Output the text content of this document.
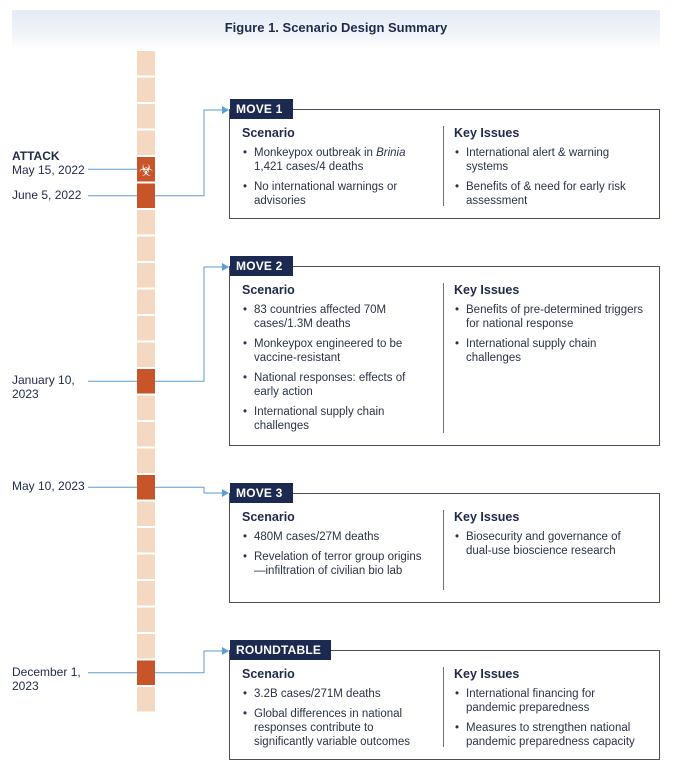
Figure 1. Scenario Design Summary
☣
ATTACK
May 15, 2022
June 5, 2022
January 10, 2023
May 10, 2023
December 1, 2023
MOVE 1
Scenario
• Monkeypox outbreak in Brinia 1,421 cases/4 deaths
• No international warnings or advisories
Key Issues
• International alert & warning systems
• Benefits of & need for early risk assessment
MOVE 2
Scenario
• 83 countries affected 70M cases/1.3M deaths
• Monkeypox engineered to be vaccine-resistant
• National responses: effects of early action
• International supply chain challenges
Key Issues
• Benefits of pre-determined triggers for national response
• International supply chain challenges
MOVE 3
Scenario
• 480M cases/27M deaths
• Revelation of terror group origins—infiltration of civilian bio lab
Key Issues
• Biosecurity and governance of dual-use bioscience research
ROUNDTABLE
Scenario
• 3.2B cases/271M deaths
• Global differences in national responses contribute to significantly variable outcomes
Key Issues
• International financing for pandemic preparedness
• Measures to strengthen national pandemic preparedness capacity
